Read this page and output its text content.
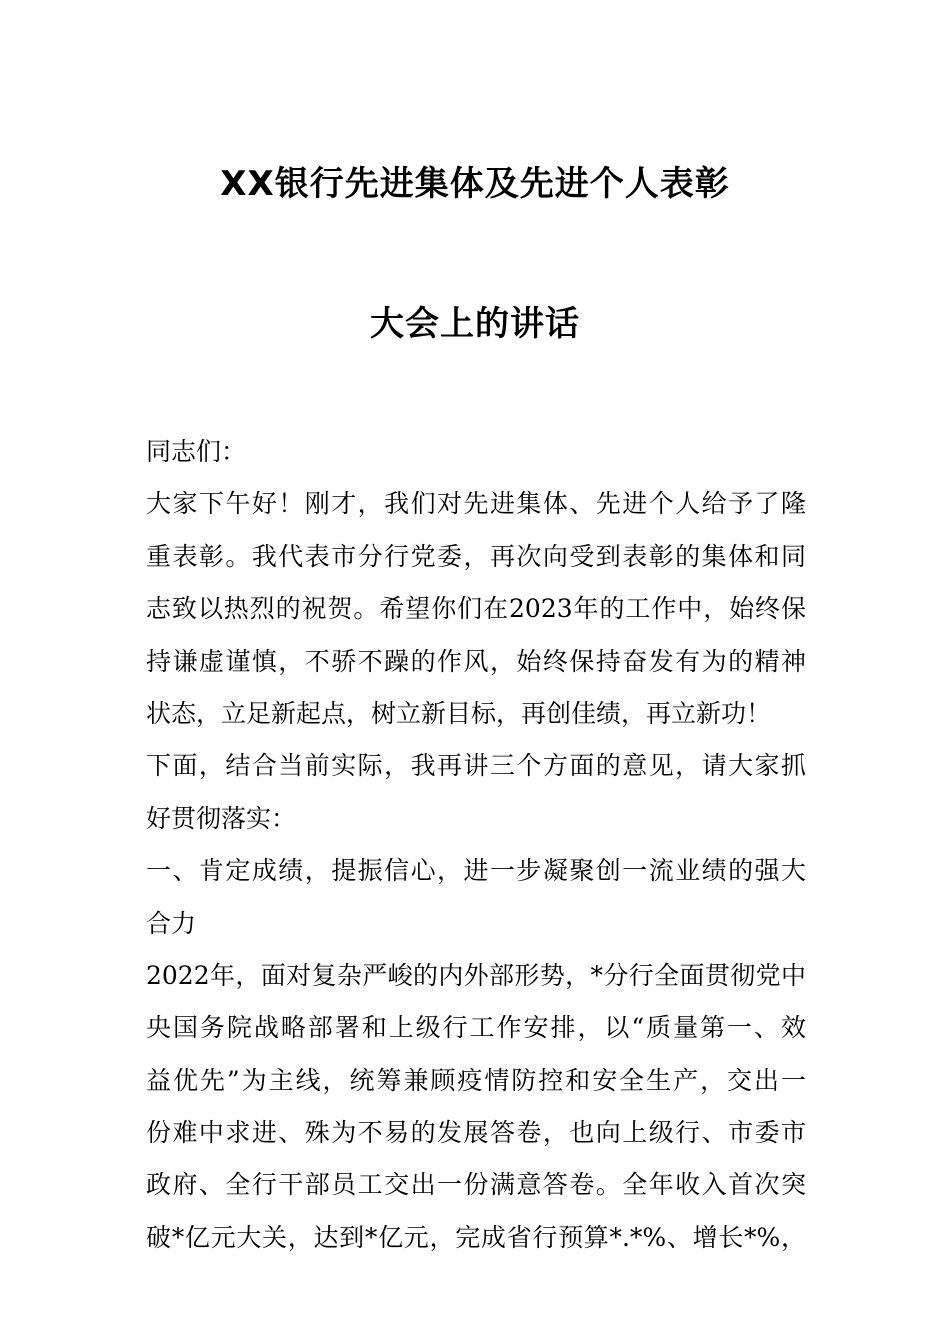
XX银行先进集体及先进个人表彰
大会上的讲话
同志们：
大家下午好！刚才，我们对先进集体、先进个人给予了隆
重表彰。我代表市分行党委，再次向受到表彰的集体和同
志致以热烈的祝贺。希望你们在2023年的工作中，始终保
持谦虚谨慎，不骄不躁的作风，始终保持奋发有为的精神
状态，立足新起点，树立新目标，再创佳绩，再立新功！
下面，结合当前实际，我再讲三个方面的意见，请大家抓
好贯彻落实：
一、肯定成绩，提振信心，进一步凝聚创一流业绩的强大
合力
2022年，面对复杂严峻的内外部形势，*分行全面贯彻党中
央国务院战略部署和上级行工作安排，以“质量第一、效
益优先”为主线，统筹兼顾疫情防控和安全生产，交出一
份难中求进、殊为不易的发展答卷，也向上级行、市委市
政府、全行干部员工交出一份满意答卷。全年收入首次突
破*亿元大关，达到*亿元，完成省行预算*.*%、增长*%，
